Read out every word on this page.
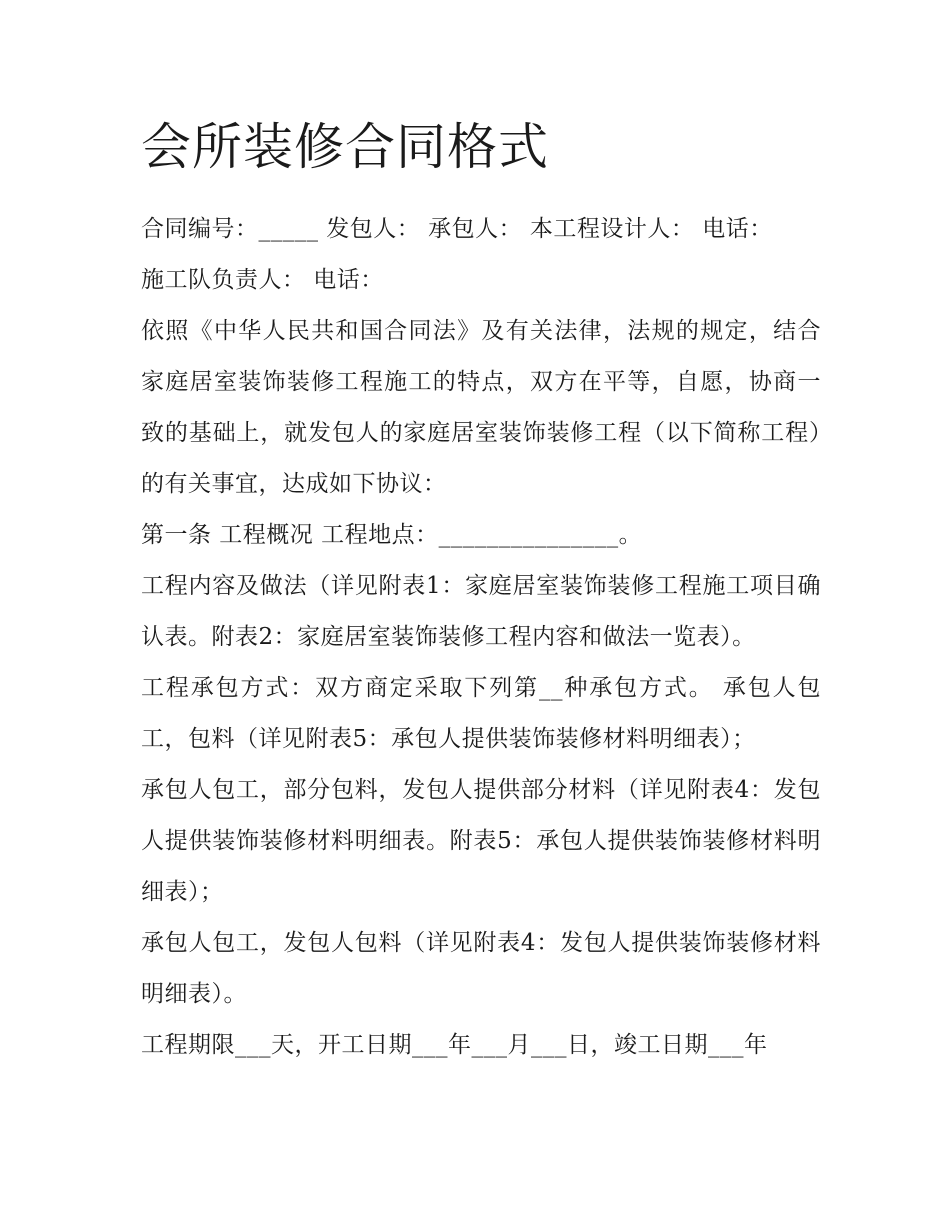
会所装修合同格式

合同编号：_____ 发包人： 承包人： 本工程设计人： 电话：

施工队负责人： 电话：

依照《中华人民共和国合同法》及有关法律，法规的规定，结合家庭居室装饰装修工程施工的特点，双方在平等，自愿，协商一致的基础上，就发包人的家庭居室装饰装修工程（以下简称工程）的有关事宜，达成如下协议：

第一条 工程概况 工程地点：_______________。

工程内容及做法（详见附表1：家庭居室装饰装修工程施工项目确认表。附表2：家庭居室装饰装修工程内容和做法一览表）。

工程承包方式：双方商定采取下列第__种承包方式。 承包人包工，包料（详见附表5：承包人提供装饰装修材料明细表）；

承包人包工，部分包料，发包人提供部分材料（详见附表4：发包人提供装饰装修材料明细表。附表5：承包人提供装饰装修材料明细表）；

承包人包工，发包人包料（详见附表4：发包人提供装饰装修材料明细表）。

工程期限___天，开工日期___年___月___日，竣工日期___年
